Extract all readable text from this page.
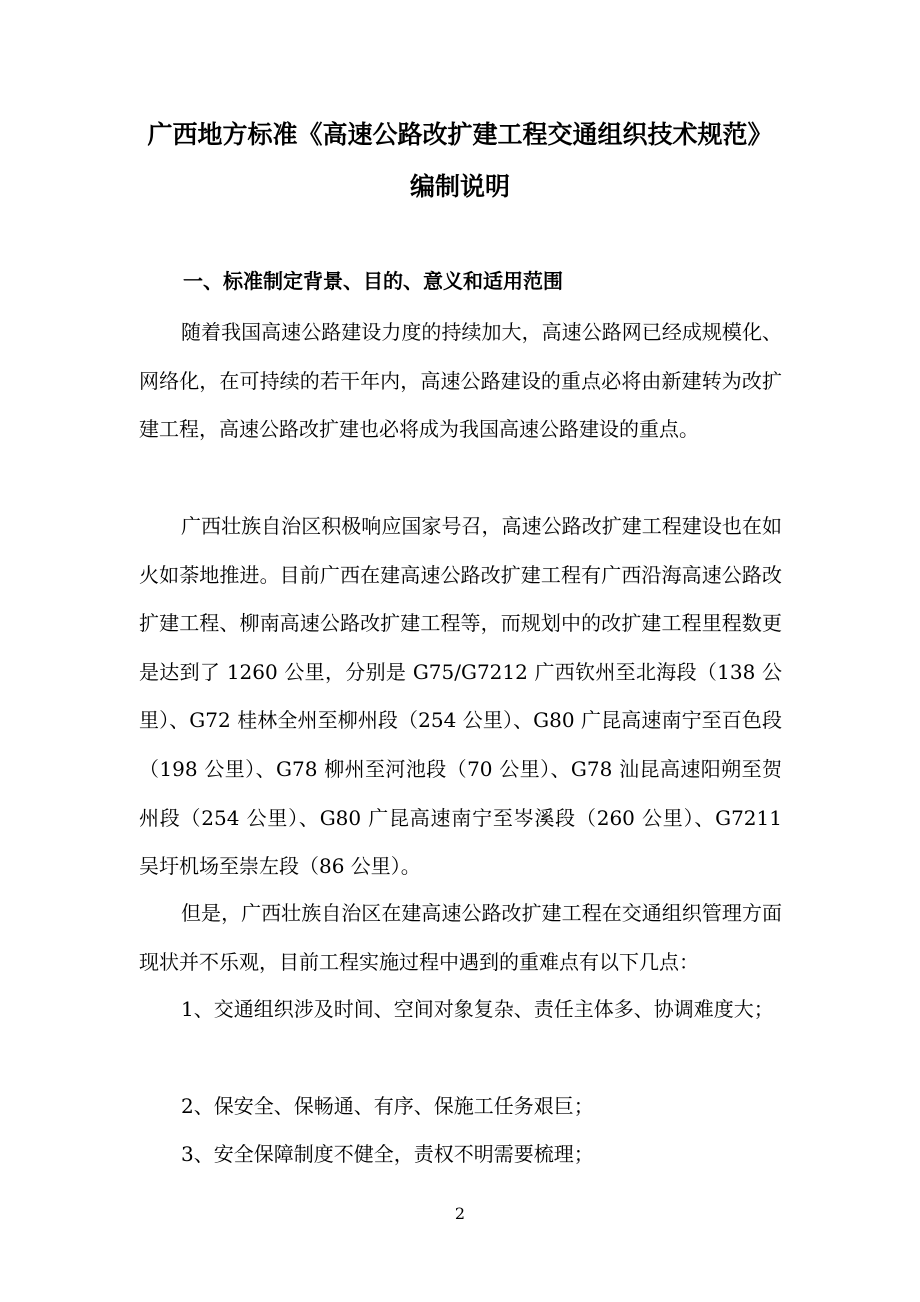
广西地方标准《高速公路改扩建工程交通组织技术规范》
编制说明
一、标准制定背景、目的、意义和适用范围

随着我国高速公路建设力度的持续加大，高速公路网已经成规模化、网络化，在可持续的若干年内，高速公路建设的重点必将由新建转为改扩建工程，高速公路改扩建也必将成为我国高速公路建设的重点。

广西壮族自治区积极响应国家号召，高速公路改扩建工程建设也在如火如荼地推进。目前广西在建高速公路改扩建工程有广西沿海高速公路改扩建工程、柳南高速公路改扩建工程等，而规划中的改扩建工程里程数更是达到了 1260 公里，分别是 G75/G7212 广西钦州至北海段（138 公里）、G72 桂林全州至柳州段（254 公里）、G80 广昆高速南宁至百色段（198 公里）、G78 柳州至河池段（70 公里）、G78 汕昆高速阳朔至贺州段（254 公里）、G80 广昆高速南宁至岑溪段（260 公里）、G7211 吴圩机场至崇左段（86 公里）。

但是，广西壮族自治区在建高速公路改扩建工程在交通组织管理方面现状并不乐观，目前工程实施过程中遇到的重难点有以下几点：

1、交通组织涉及时间、空间对象复杂、责任主体多、协调难度大；

2、保安全、保畅通、有序、保施工任务艰巨；

3、安全保障制度不健全，责权不明需要梳理；

2
